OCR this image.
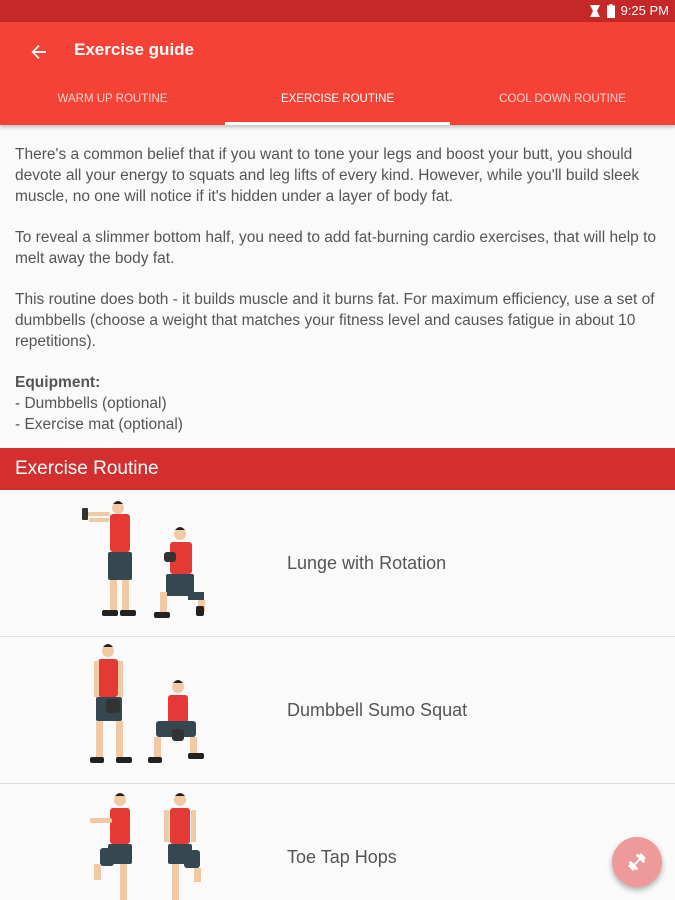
9:25 PM
Exercise guide
WARM UP ROUTINE	EXERCISE ROUTINE	COOL DOWN ROUTINE

There's a common belief that if you want to tone your legs and boost your butt, you should devote all your energy to squats and leg lifts of every kind. However, while you'll build sleek muscle, no one will notice if it's hidden under a layer of body fat.

To reveal a slimmer bottom half, you need to add fat-burning cardio exercises, that will help to melt away the body fat.

This routine does both - it builds muscle and it burns fat. For maximum efficiency, use a set of dumbbells (choose a weight that matches your fitness level and causes fatigue in about 10 repetitions).

Equipment:

- Dumbbells (optional)

- Exercise mat (optional)

Exercise Routine
Lunge with Rotation
Dumbbell Sumo Squat
Toe Tap Hops
